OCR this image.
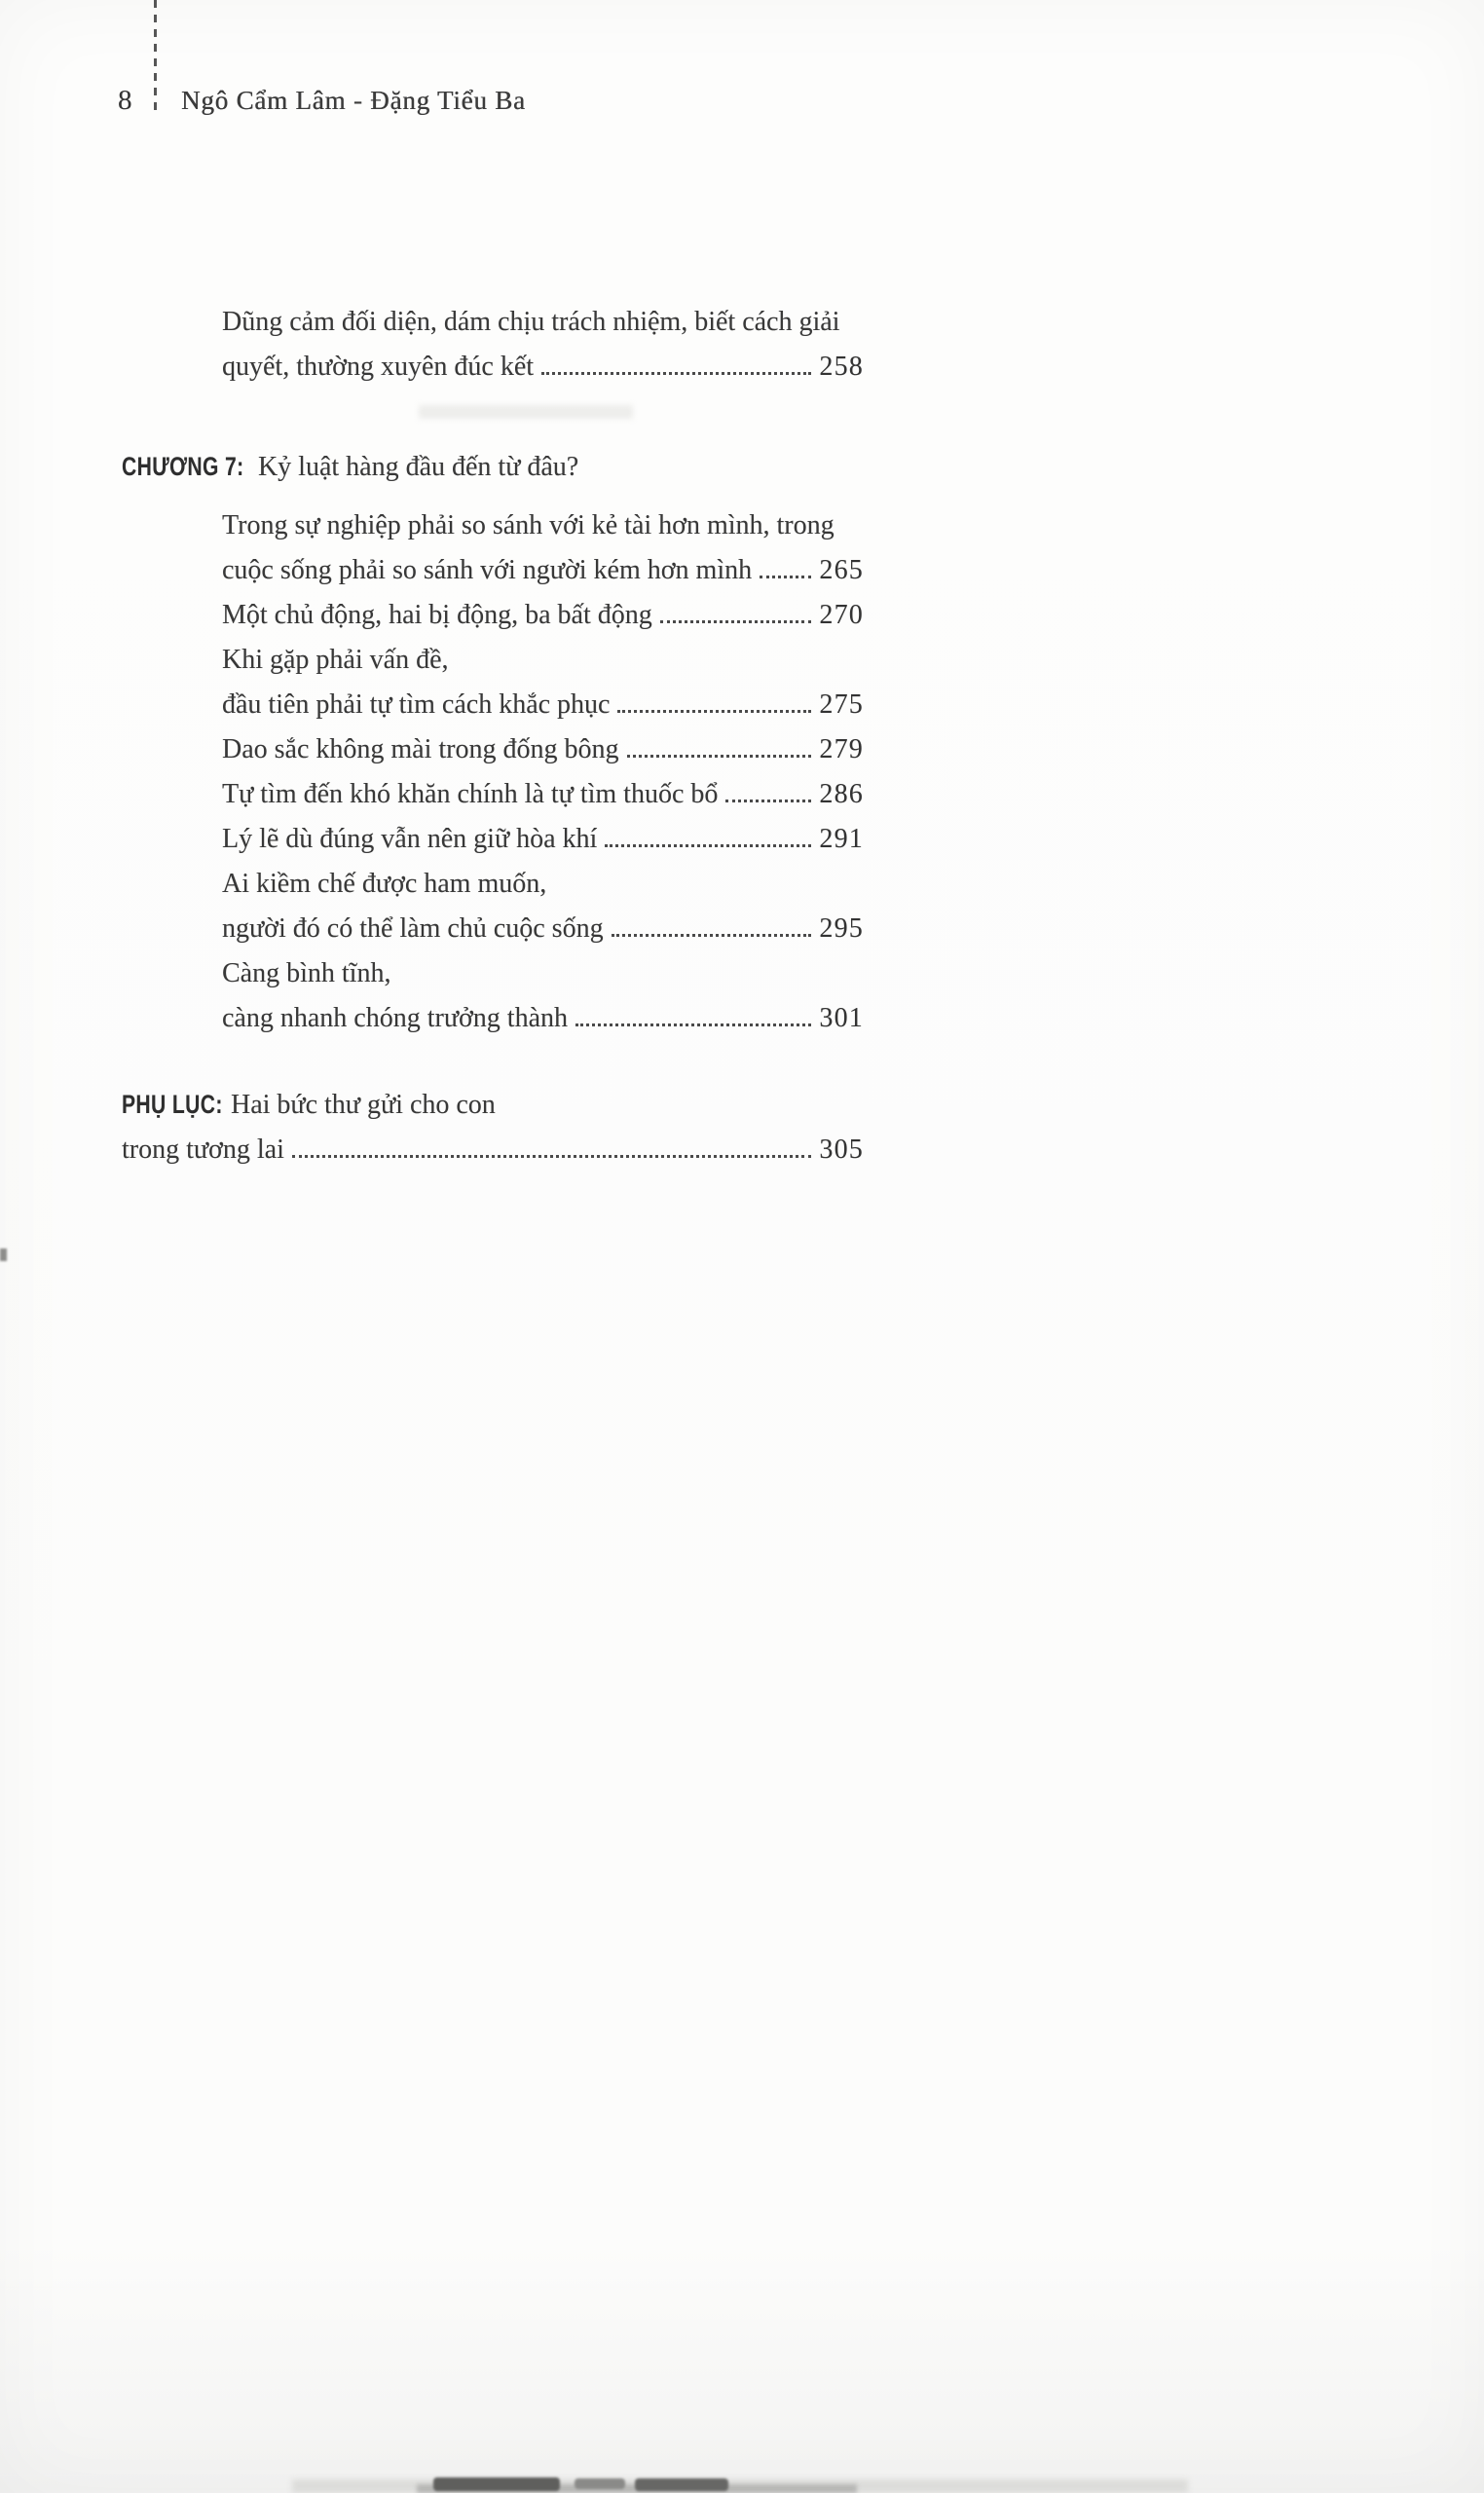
8 Ngô Cẩm Lâm - Đặng Tiểu Ba
Dũng cảm đối diện, dám chịu trách nhiệm, biết cách giải
quyết, thường xuyên đúc kết	258
CHƯƠNG 7: Kỷ luật hàng đầu đến từ đâu?
Trong sự nghiệp phải so sánh với kẻ tài hơn mình, trong
cuộc sống phải so sánh với người kém hơn mình 265
Một chủ động, hai bị động, ba bất động	270
Khi gặp phải vấn đề,
đầu tiên phải tự tìm cách khắc phục	275
Dao sắc không mài trong đống bông	279
Tự tìm đến khó khăn chính là tự tìm thuốc bổ	286
Lý lẽ dù đúng vẫn nên giữ hòa khí	291
Ai kiềm chế được ham muốn,
người đó có thể làm chủ cuộc sống	295
Càng bình tĩnh,
càng nhanh chóng trưởng thành	301
PHỤ LỤC: Hai bức thư gửi cho con
trong tương lai	305
